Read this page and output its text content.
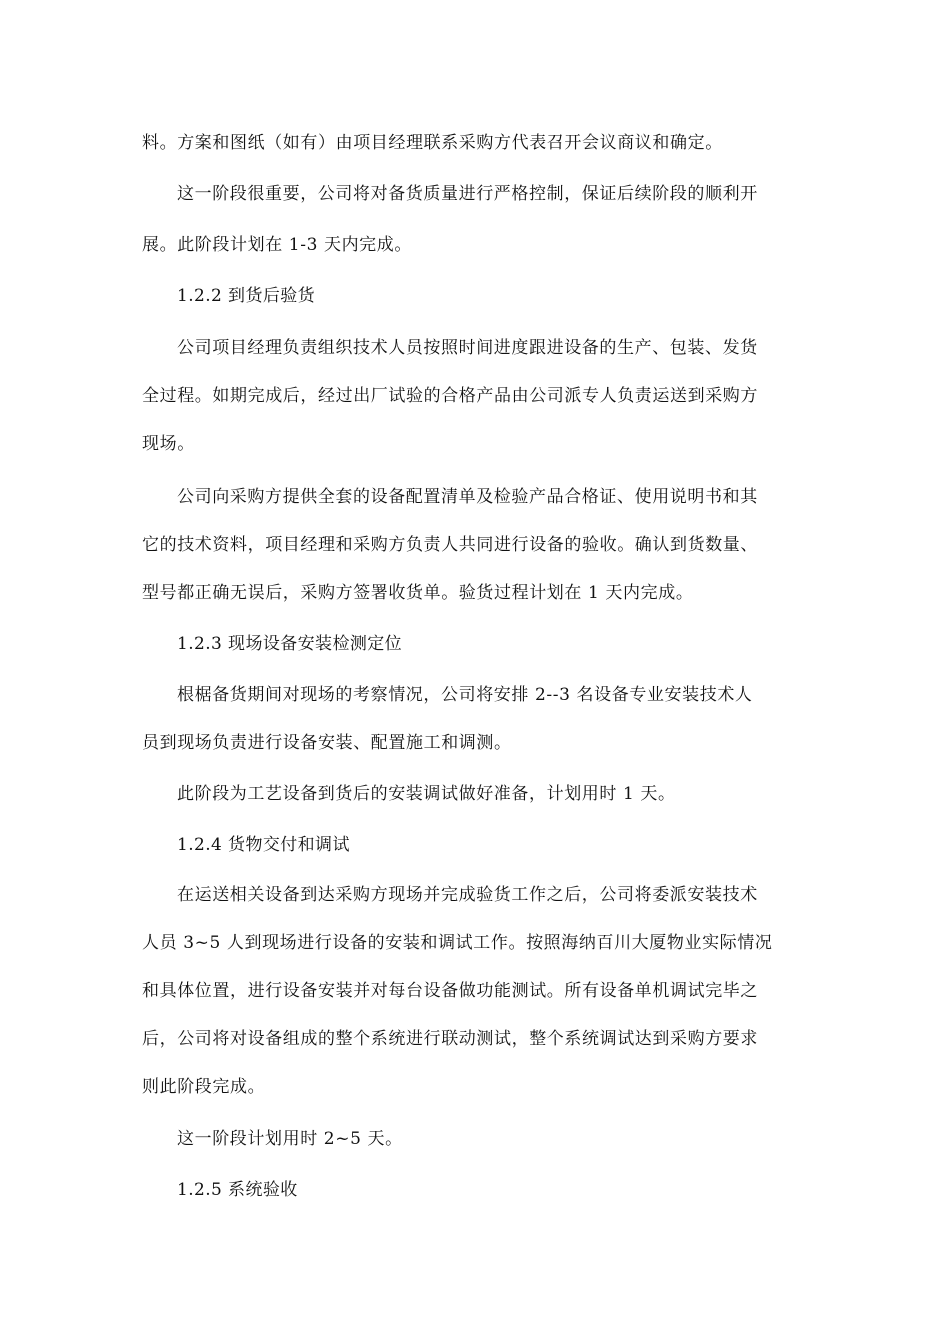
料。方案和图纸（如有）由项目经理联系采购方代表召开会议商议和确定。
这一阶段很重要，公司将对备货质量进行严格控制，保证后续阶段的顺利开
展。此阶段计划在 1-3 天内完成。
1.2.2 到货后验货
公司项目经理负责组织技术人员按照时间进度跟进设备的生产、包装、发货
全过程。如期完成后，经过出厂试验的合格产品由公司派专人负责运送到采购方
现场。
公司向采购方提供全套的设备配置清单及检验产品合格证、使用说明书和其
它的技术资料，项目经理和采购方负责人共同进行设备的验收。确认到货数量、
型号都正确无误后，采购方签署收货单。验货过程计划在 1 天内完成。
1.2.3 现场设备安装检测定位
根椐备货期间对现场的考察情况，公司将安排 2--3 名设备专业安装技术人
员到现场负责进行设备安装、配置施工和调测。
此阶段为工艺设备到货后的安装调试做好准备，计划用时 1 天。
1.2.4 货物交付和调试
在运送相关设备到达采购方现场并完成验货工作之后，公司将委派安装技术
人员 3~5 人到现场进行设备的安装和调试工作。按照海纳百川大厦物业实际情况
和具体位置，进行设备安装并对每台设备做功能测试。所有设备单机调试完毕之
后，公司将对设备组成的整个系统进行联动测试，整个系统调试达到采购方要求
则此阶段完成。
这一阶段计划用时 2~5 天。
1.2.5 系统验收
